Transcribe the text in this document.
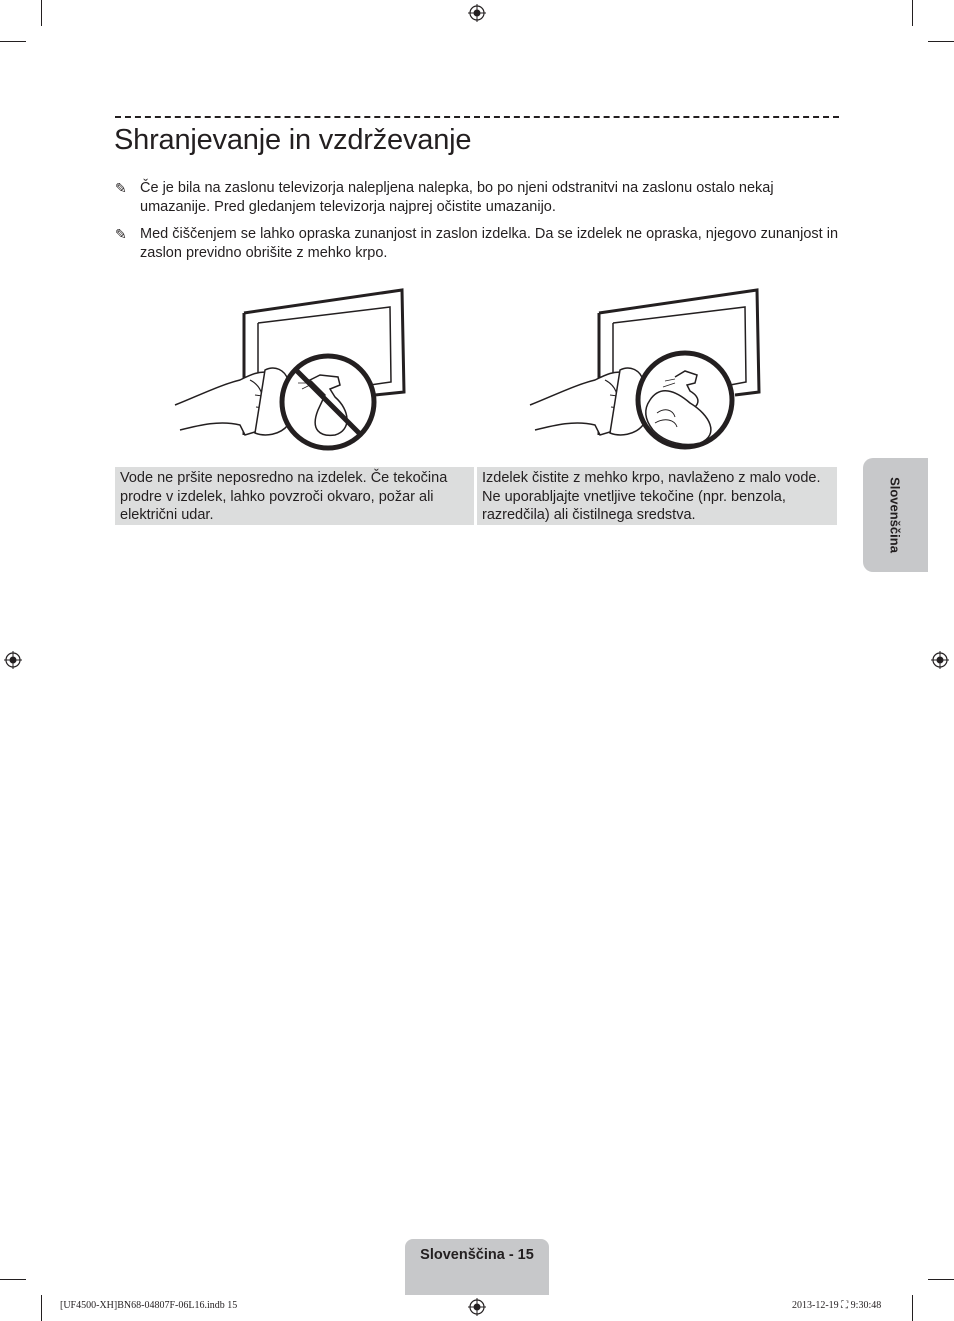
Shranjevanje in vzdrževanje
✎ Če je bila na zaslonu televizorja nalepljena nalepka, bo po njeni odstranitvi na zaslonu ostalo nekaj umazanije. Pred gledanjem televizorja najprej očistite umazanijo.
✎ Med čiščenjem se lahko opraska zunanjost in zaslon izdelka. Da se izdelek ne opraska, njegovo zunanjost in zaslon previdno obrišite z mehko krpo.
Vode ne pršite neposredno na izdelek. Če tekočina prodre v izdelek, lahko povzroči okvaro, požar ali električni udar.
Izdelek čistite z mehko krpo, navlaženo z malo vode. Ne uporabljajte vnetljive tekočine (npr. benzola, razredčila) ali čistilnega sredstva.	Slovenščina
Slovenščina - 15
[UF4500-XH]BN68-04807F-06L16.indb 15	2013-12-19 ⛶ 9:30:48
